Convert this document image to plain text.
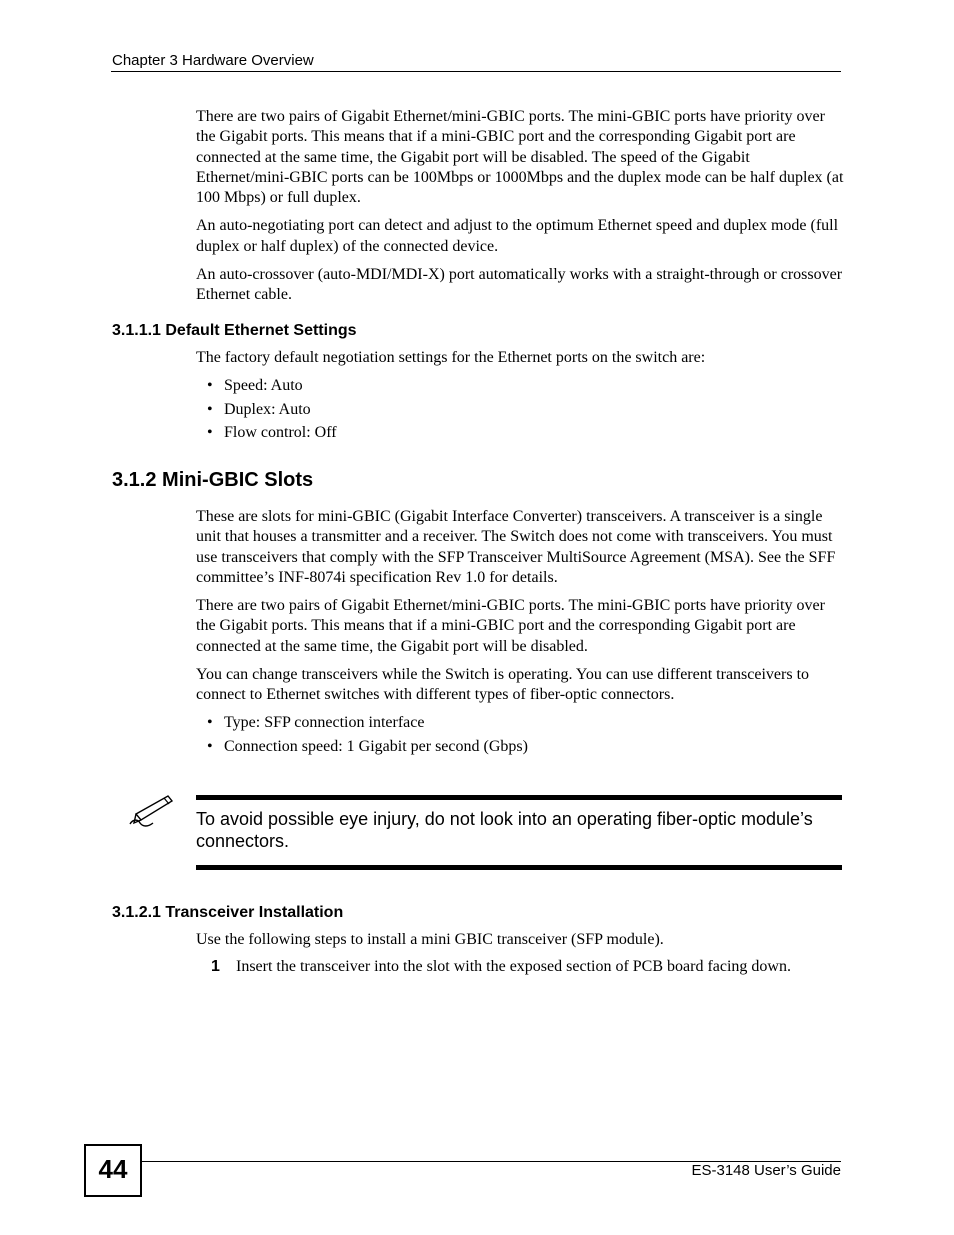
Chapter 3 Hardware Overview

There are two pairs of Gigabit Ethernet/mini-GBIC ports. The mini-GBIC ports have priority over the Gigabit ports. This means that if a mini-GBIC port and the corresponding Gigabit port are connected at the same time, the Gigabit port will be disabled. The speed of the Gigabit Ethernet/mini-GBIC ports can be 100Mbps or 1000Mbps and the duplex mode can be half duplex (at 100 Mbps) or full duplex.

An auto-negotiating port can detect and adjust to the optimum Ethernet speed and duplex mode (full duplex or half duplex) of the connected device.

An auto-crossover (auto-MDI/MDI-X) port automatically works with a straight-through or crossover Ethernet cable.

3.1.1.1 Default Ethernet Settings
The factory default negotiation settings for the Ethernet ports on the switch are:
• Speed: Auto
• Duplex: Auto
• Flow control: Off
3.1.2 Mini-GBIC Slots

These are slots for mini-GBIC (Gigabit Interface Converter) transceivers. A transceiver is a single unit that houses a transmitter and a receiver. The Switch does not come with transceivers. You must use transceivers that comply with the SFP Transceiver MultiSource Agreement (MSA). See the SFF committee’s INF-8074i specification Rev 1.0 for details.

There are two pairs of Gigabit Ethernet/mini-GBIC ports. The mini-GBIC ports have priority over the Gigabit ports. This means that if a mini-GBIC port and the corresponding Gigabit port are connected at the same time, the Gigabit port will be disabled.

You can change transceivers while the Switch is operating. You can use different transceivers to connect to Ethernet switches with different types of fiber-optic connectors.

• Type: SFP connection interface
• Connection speed: 1 Gigabit per second (Gbps)
To avoid possible eye injury, do not look into an operating fiber-optic module’s connectors.
3.1.2.1 Transceiver Installation
Use the following steps to install a mini GBIC transceiver (SFP module).
1 Insert the transceiver into the slot with the exposed section of PCB board facing down.
44	ES-3148 User’s Guide
